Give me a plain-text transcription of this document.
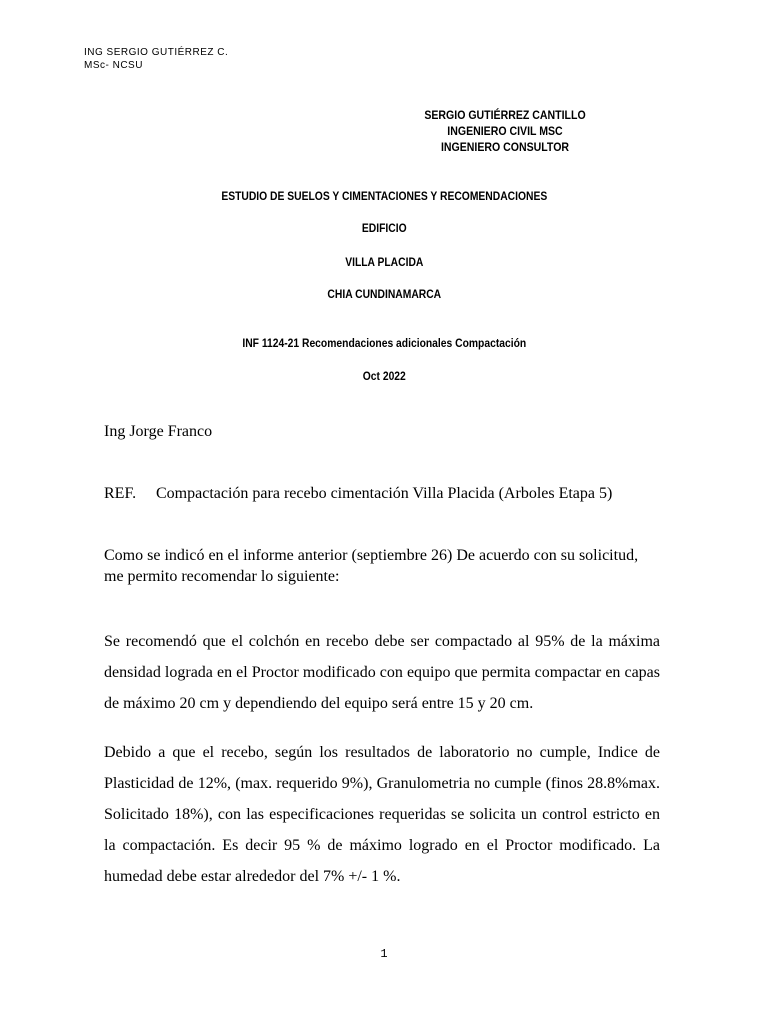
ING SERGIO GUTIÉRREZ C.
MSc- NCSU
SERGIO GUTIÉRREZ CANTILLO
INGENIERO CIVIL MSC
INGENIERO CONSULTOR
ESTUDIO DE SUELOS Y CIMENTACIONES Y RECOMENDACIONES
EDIFICIO
VILLA PLACIDA
CHIA CUNDINAMARCA
INF 1124-21 Recomendaciones adicionales Compactación
Oct 2022
Ing Jorge Franco
REF. Compactación para recebo cimentación Villa Placida (Arboles Etapa 5)
Como se indicó en el informe anterior (septiembre 26) De acuerdo con su solicitud, me permito recomendar lo siguiente:
Se recomendó que el colchón en recebo debe ser compactado al 95% de la máxima densidad lograda en el Proctor modificado con equipo que permita compactar en capas de máximo 20 cm y dependiendo del equipo será entre 15 y 20 cm.
Debido a que el recebo, según los resultados de laboratorio no cumple, Indice de Plasticidad de 12%, (max. requerido 9%), Granulometria no cumple (finos 28.8%max. Solicitado 18%), con las especificaciones requeridas se solicita un control estricto en la compactación. Es decir 95 % de máximo logrado en el Proctor modificado. La humedad debe estar alrededor del 7% +/- 1 %.
1
